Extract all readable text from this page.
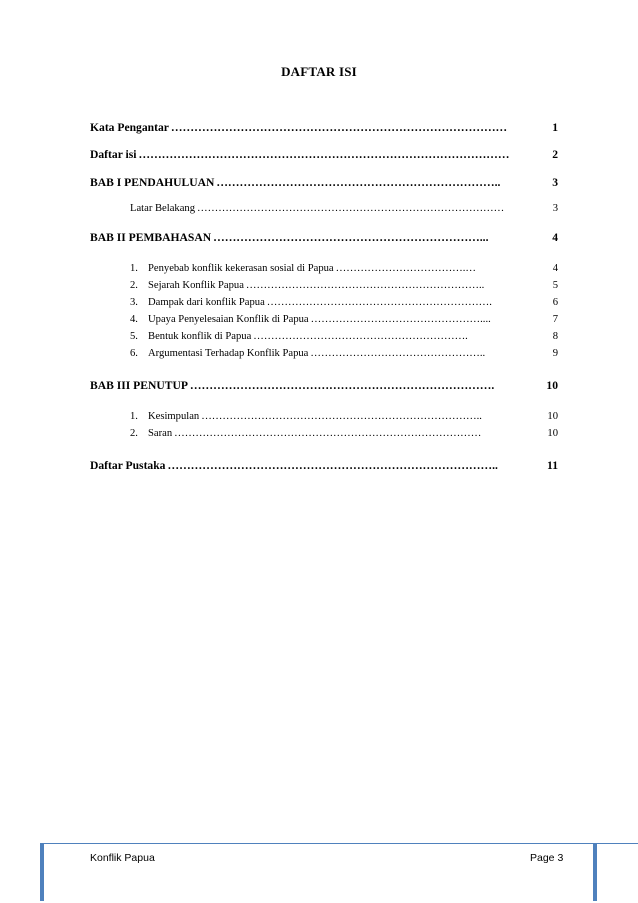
DAFTAR ISI
Kata Pengantar ……………………………………………………………………………	1
Daftar isi ……………………………………………………………………………………	2
BAB I PENDAHULUAN ………………………………………………………………..	3
Latar Belakang ……………………………………………………………………………	3
BAB II PEMBAHASAN ……………………………………………………………...	4
1. Penyebab konflik kekerasan sosial di Papua ……………………………….…	4
2. Sejarah Konflik Papua …………………………………………………………..	5
3. Dampak dari konflik Papua ……………………………………………………….	6
4. Upaya Penyelesaian Konflik di Papua …………………………………………....	7
5. Bentuk konflik di Papua …………………………………………………….	8
6. Argumentasi Terhadap Konflik Papua …………………………………………..	9
BAB III PENUTUP …………………………………………………………………….	10
1. Kesimpulan ……………………………………………………………………..	10
2. Saran ……………………………………………………………………………	10
Daftar Pustaka …………………………………………………………………………..	11
Konflik Papua	Page 3
